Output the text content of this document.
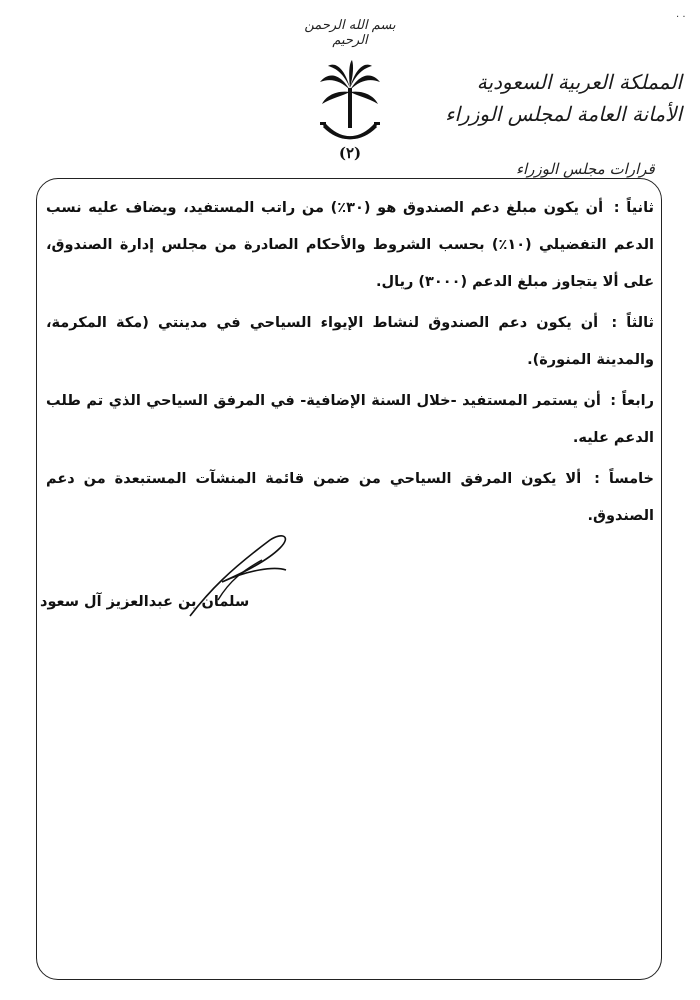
· ·
بسم الله الرحمن الرحيم
(٢)
المملكة العربية السعودية
الأمانة العامة لمجلس الوزراء
قرارات مجلس الوزراء

ثانياً : أن يكون مبلغ دعم الصندوق هو (٣٠٪) من راتب المستفيد، ويضاف عليه نسب الدعم التفضيلي (١٠٪) بحسب الشروط والأحكام الصادرة من مجلس إدارة الصندوق، على ألا يتجاوز مبلغ الدعم (٣٠٠٠) ريال.

ثالثاً : أن يكون دعم الصندوق لنشاط الإيواء السياحي في مدينتي (مكة المكرمة، والمدينة المنورة).

رابعاً : أن يستمر المستفيد -خلال السنة الإضافية- في المرفق السياحي الذي تم طلب الدعم عليه.

خامساً : ألا يكون المرفق السياحي من ضمن قائمة المنشآت المستبعدة من دعم الصندوق.

سلمان بن عبدالعزيز آل سعود
